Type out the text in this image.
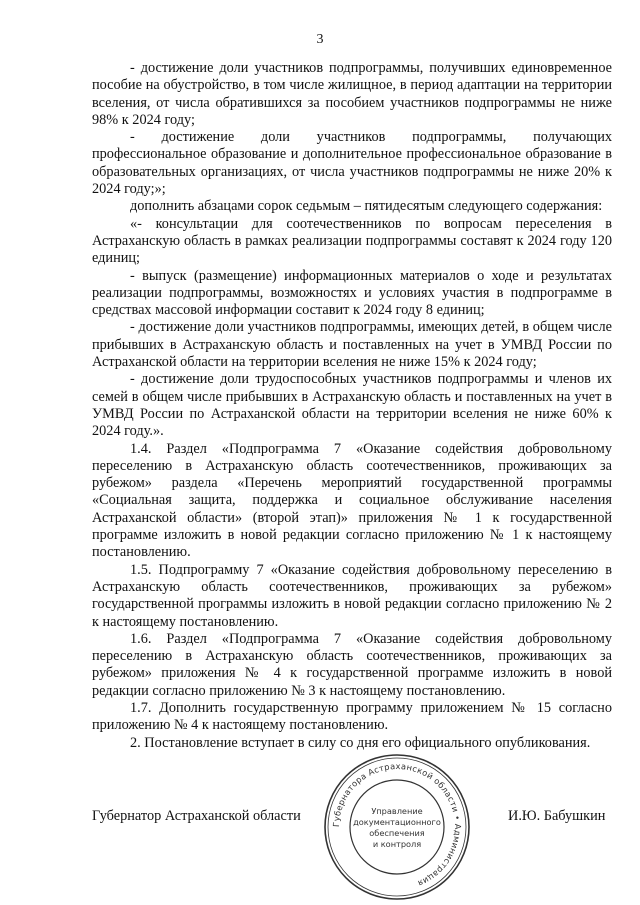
3

- достижение доли участников подпрограммы, получивших единовременное пособие на обустройство, в том числе жилищное, в период адаптации на территории вселения, от числа обратившихся за пособием участников подпрограммы не ниже 98% к 2024 году;

- достижение доли участников подпрограммы, получающих профессиональное образование и дополнительное профессиональное образование в образовательных организациях, от числа участников подпрограммы не ниже 20% к 2024 году;»;

дополнить абзацами сорок седьмым – пятидесятым следующего содержания:

«- консультации для соотечественников по вопросам переселения в Астраханскую область в рамках реализации подпрограммы составят к 2024 году 120 единиц;

- выпуск (размещение) информационных материалов о ходе и результатах реализации подпрограммы, возможностях и условиях участия в подпрограмме в средствах массовой информации составит к 2024 году 8 единиц;

- достижение доли участников подпрограммы, имеющих детей, в общем числе прибывших в Астраханскую область и поставленных на учет в УМВД России по Астраханской области на территории вселения не ниже 15% к 2024 году;

- достижение доли трудоспособных участников подпрограммы и членов их семей в общем числе прибывших в Астраханскую область и поставленных на учет в УМВД России по Астраханской области на территории вселения не ниже 60% к 2024 году.».

1.4. Раздел «Подпрограмма 7 «Оказание содействия добровольному переселению в Астраханскую область соотечественников, проживающих за рубежом» раздела «Перечень мероприятий государственной программы «Социальная защита, поддержка и социальное обслуживание населения Астраханской области» (второй этап)» приложения № 1 к государственной программе изложить в новой редакции согласно приложению № 1 к настоящему постановлению.

1.5. Подпрограмму 7 «Оказание содействия добровольному переселению в Астраханскую область соотечественников, проживающих за рубежом» государственной программы изложить в новой редакции согласно приложению № 2 к настоящему постановлению.

1.6. Раздел «Подпрограмма 7 «Оказание содействия добровольному переселению в Астраханскую область соотечественников, проживающих за рубежом» приложения № 4 к государственной программе изложить в новой редакции согласно приложению № 3 к настоящему постановлению.

1.7. Дополнить государственную программу приложением № 15 согласно приложению № 4 к настоящему постановлению.

2. Постановление вступает в силу со дня его официального опубликования.

Губернатор Астраханской области	И.Ю. Бабушкин
Губернатора Астраханской области • Администрация
Управление
документационного
обеспечения
и контроля
